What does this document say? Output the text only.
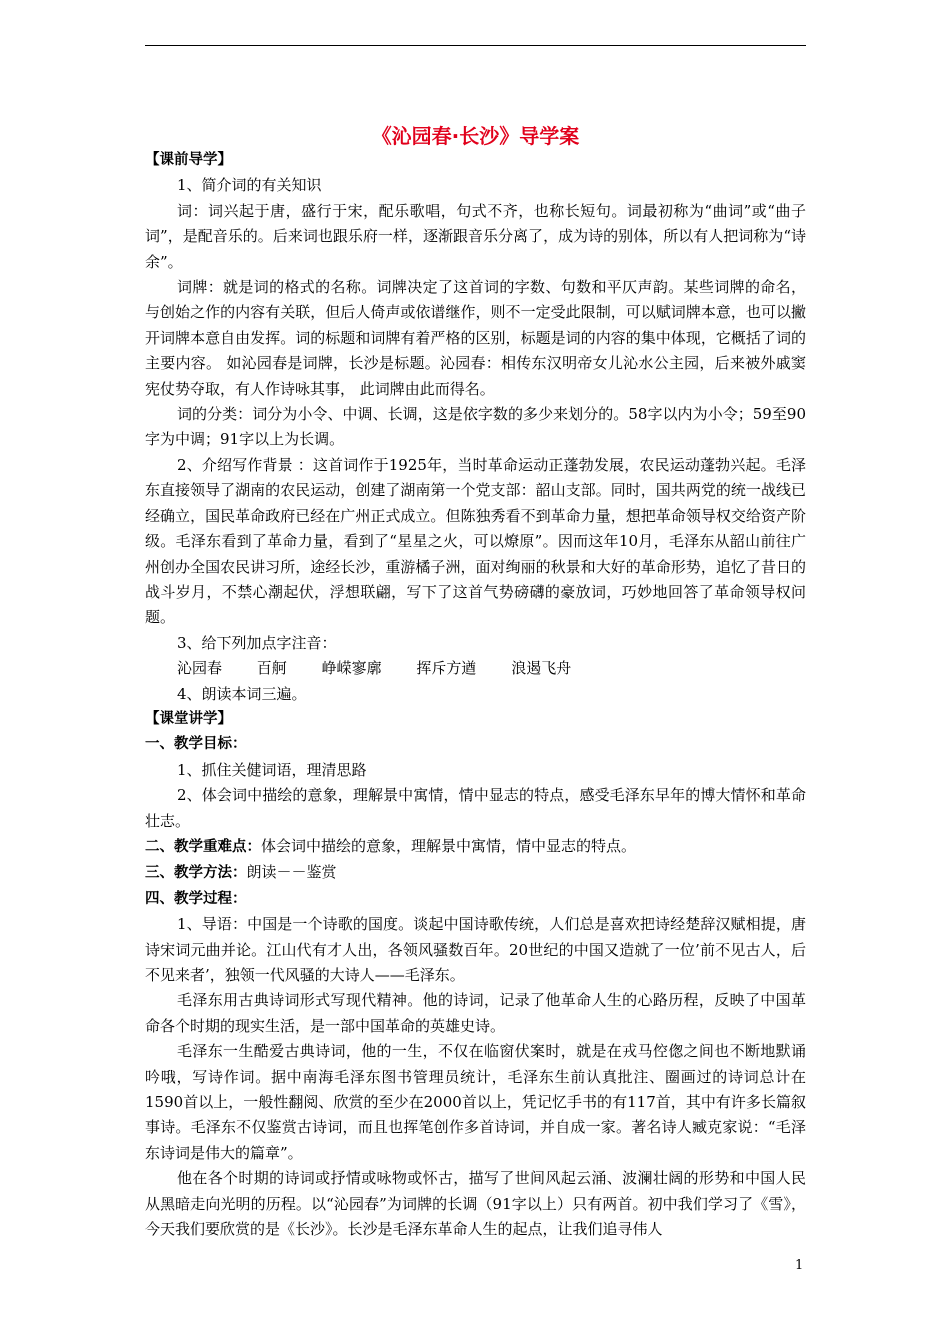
《沁园春·长沙》导学案

【课前导学】

1、简介词的有关知识

词：词兴起于唐，盛行于宋，配乐歌唱，句式不齐，也称长短句。词最初称为“曲词”或“曲子词”，是配音乐的。后来词也跟乐府一样，逐渐跟音乐分离了，成为诗的别体，所以有人把词称为“诗余”。

词牌：就是词的格式的名称。词牌决定了这首词的字数、句数和平仄声韵。某些词牌的命名，与创始之作的内容有关联，但后人倚声或依谱继作，则不一定受此限制，可以赋词牌本意，也可以撇开词牌本意自由发挥。词的标题和词牌有着严格的区别，标题是词的内容的集中体现，它概括了词的主要内容。 如沁园春是词牌，长沙是标题。沁园春：相传东汉明帝女儿沁水公主园，后来被外戚窦宪仗势夺取，有人作诗咏其事， 此词牌由此而得名。

词的分类：词分为小令、中调、长调，这是依字数的多少来划分的。58字以内为小令；59至90字为中调；91字以上为长调。

2、介绍写作背景 ：这首词作于1925年，当时革命运动正蓬勃发展，农民运动蓬勃兴起。毛泽东直接领导了湖南的农民运动，创建了湖南第一个党支部：韶山支部。同时，国共两党的统一战线已经确立，国民革命政府已经在广州正式成立。但陈独秀看不到革命力量，想把革命领导权交给资产阶级。毛泽东看到了革命力量，看到了“星星之火，可以燎原”。因而这年10月，毛泽东从韶山前往广州创办全国农民讲习所，途经长沙，重游橘子洲，面对绚丽的秋景和大好的革命形势，追忆了昔日的战斗岁月，不禁心潮起伏，浮想联翩，写下了这首气势磅礴的豪放词，巧妙地回答了革命领导权问题。

3、给下列加点字注音：

沁园春 百舸 峥嵘寥廓 挥斥方遒 浪遏飞舟

4、朗读本词三遍。

【课堂讲学】

一、教学目标：

1、抓住关健词语，理清思路

2、体会词中描绘的意象，理解景中寓情，情中显志的特点，感受毛泽东早年的博大情怀和革命壮志。

二、教学重难点：体会词中描绘的意象，理解景中寓情，情中显志的特点。

三、教学方法：朗读－－鉴赏

四、教学过程：

1、导语：中国是一个诗歌的国度。谈起中国诗歌传统，人们总是喜欢把诗经楚辞汉赋相提，唐诗宋词元曲并论。江山代有才人出，各领风骚数百年。20世纪的中国又造就了一位’前不见古人，后不见来者’，独领一代风骚的大诗人——毛泽东。

毛泽东用古典诗词形式写现代精神。他的诗词，记录了他革命人生的心路历程，反映了中国革命各个时期的现实生活，是一部中国革命的英雄史诗。

毛泽东一生酷爱古典诗词，他的一生，不仅在临窗伏案时，就是在戎马倥偬之间也不断地默诵吟哦，写诗作词。据中南海毛泽东图书管理员统计，毛泽东生前认真批注、圈画过的诗词总计在1590首以上，一般性翻阅、欣赏的至少在2000首以上，凭记忆手书的有117首，其中有许多长篇叙事诗。毛泽东不仅鉴赏古诗词，而且也挥笔创作多首诗词，并自成一家。著名诗人臧克家说：“毛泽东诗词是伟大的篇章”。

他在各个时期的诗词或抒情或咏物或怀古，描写了世间风起云涌、波澜壮阔的形势和中国人民从黑暗走向光明的历程。以“沁园春”为词牌的长调（91字以上）只有两首。初中我们学习了《雪》，今天我们要欣赏的是《长沙》。长沙是毛泽东革命人生的起点，让我们追寻伟人

1
